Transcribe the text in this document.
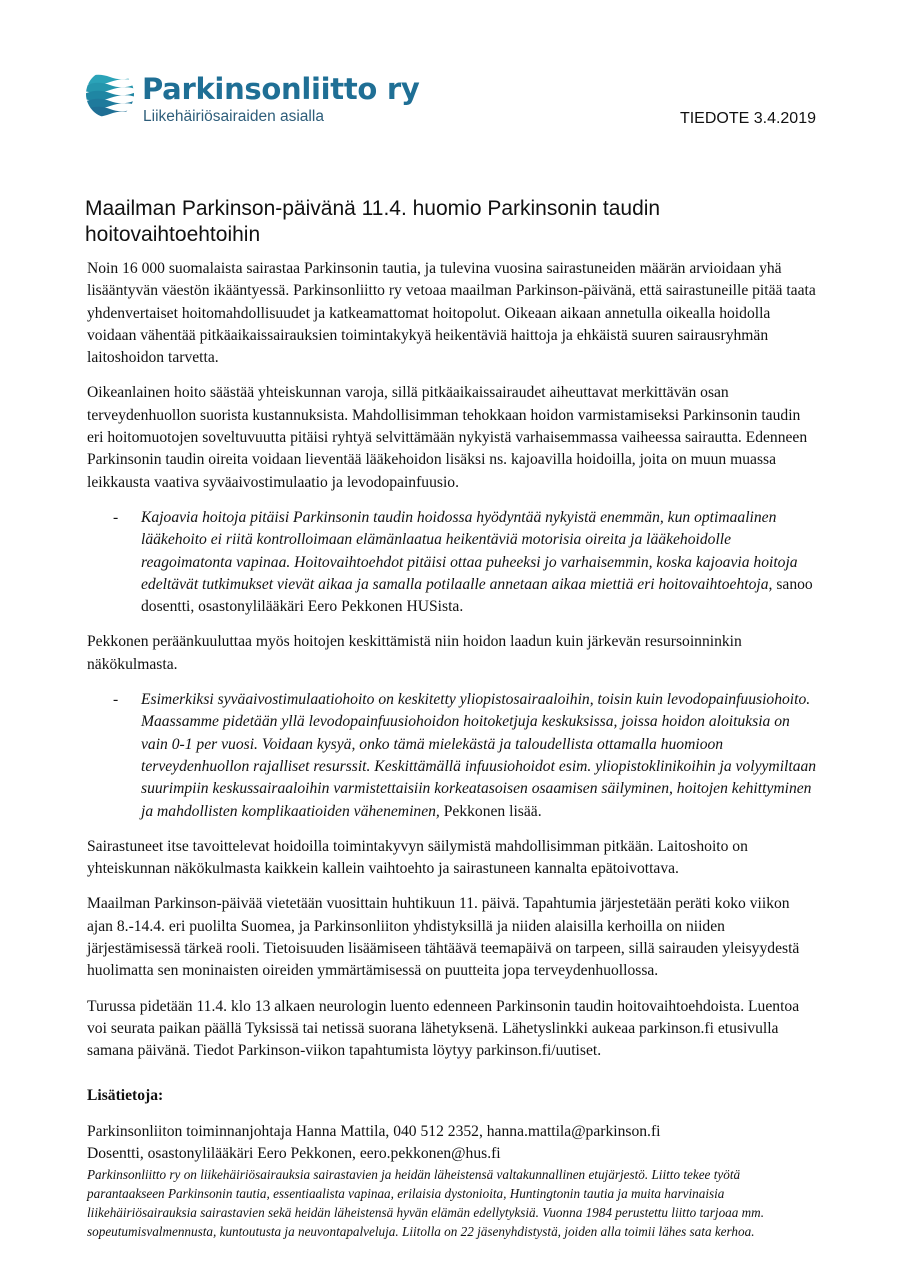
Parkinsonliitto ry
Liikehäiriösairaiden asialla	TIEDOTE 3.4.2019
Maailman Parkinson-päivänä 11.4. huomio Parkinsonin taudin hoitovaihtoehtoihin

Noin 16 000 suomalaista sairastaa Parkinsonin tautia, ja tulevina vuosina sairastuneiden määrän arvioidaan yhä lisääntyvän väestön ikääntyessä. Parkinsonliitto ry vetoaa maailman Parkinson-päivänä, että sairastuneille pitää taata yhdenvertaiset hoitomahdollisuudet ja katkeamattomat hoitopolut. Oikeaan aikaan annetulla oikealla hoidolla voidaan vähentää pitkäaikaissairauksien toimintakykyä heikentäviä haittoja ja ehkäistä suuren sairausryhmän laitoshoidon tarvetta.

Oikeanlainen hoito säästää yhteiskunnan varoja, sillä pitkäaikaissairaudet aiheuttavat merkittävän osan terveydenhuollon suorista kustannuksista. Mahdollisimman tehokkaan hoidon varmistamiseksi Parkinsonin taudin eri hoitomuotojen soveltuvuutta pitäisi ryhtyä selvittämään nykyistä varhaisemmassa vaiheessa sairautta. Edenneen Parkinsonin taudin oireita voidaan lieventää lääkehoidon lisäksi ns. kajoavilla hoidoilla, joita on muun muassa leikkausta vaativa syväaivostimulaatio ja levodopainfuusio.

- Kajoavia hoitoja pitäisi Parkinsonin taudin hoidossa hyödyntää nykyistä enemmän, kun optimaalinen lääkehoito ei riitä kontrolloimaan elämänlaatua heikentäviä motorisia oireita ja lääkehoidolle reagoimatonta vapinaa. Hoitovaihtoehdot pitäisi ottaa puheeksi jo varhaisemmin, koska kajoavia hoitoja edeltävät tutkimukset vievät aikaa ja samalla potilaalle annetaan aikaa miettiä eri hoitovaihtoehtoja, sanoo dosentti, osastonylilääkäri Eero Pekkonen HUSista.

Pekkonen peräänkuuluttaa myös hoitojen keskittämistä niin hoidon laadun kuin järkevän resursoinninkin näkökulmasta.

- Esimerkiksi syväaivostimulaatiohoito on keskitetty yliopistosairaaloihin, toisin kuin levodopainfuusiohoito. Maassamme pidetään yllä levodopainfuusiohoidon hoitoketjuja keskuksissa, joissa hoidon aloituksia on vain 0-1 per vuosi. Voidaan kysyä, onko tämä mielekästä ja taloudellista ottamalla huomioon terveydenhuollon rajalliset resurssit. Keskittämällä infuusiohoidot esim. yliopistoklinikoihin ja volyymiltaan suurimpiin keskussairaaloihin varmistettaisiin korkeatasoisen osaamisen säilyminen, hoitojen kehittyminen ja mahdollisten komplikaatioiden väheneminen, Pekkonen lisää.

Sairastuneet itse tavoittelevat hoidoilla toimintakyvyn säilymistä mahdollisimman pitkään. Laitoshoito on yhteiskunnan näkökulmasta kaikkein kallein vaihtoehto ja sairastuneen kannalta epätoivottava.

Maailman Parkinson-päivää vietetään vuosittain huhtikuun 11. päivä. Tapahtumia järjestetään peräti koko viikon ajan 8.-14.4. eri puolilta Suomea, ja Parkinsonliiton yhdistyksillä ja niiden alaisilla kerhoilla on niiden järjestämisessä tärkeä rooli. Tietoisuuden lisäämiseen tähtäävä teemapäivä on tarpeen, sillä sairauden yleisyydestä huolimatta sen moninaisten oireiden ymmärtämisessä on puutteita jopa terveydenhuollossa.

Turussa pidetään 11.4. klo 13 alkaen neurologin luento edenneen Parkinsonin taudin hoitovaihtoehdoista. Luentoa voi seurata paikan päällä Tyksissä tai netissä suorana lähetyksenä. Lähetyslinkki aukeaa parkinson.fi etusivulla samana päivänä. Tiedot Parkinson-viikon tapahtumista löytyy parkinson.fi/uutiset.

Lisätietoja:

Parkinsonliiton toiminnanjohtaja Hanna Mattila, 040 512 2352, hanna.mattila@parkinson.fi

Dosentti, osastonylilääkäri Eero Pekkonen, eero.pekkonen@hus.fi

Parkinsonliitto ry on liikehäiriösairauksia sairastavien ja heidän läheistensä valtakunnallinen etujärjestö. Liitto tekee työtä parantaakseen Parkinsonin tautia, essentiaalista vapinaa, erilaisia dystonioita, Huntingtonin tautia ja muita harvinaisia liikehäiriösairauksia sairastavien sekä heidän läheistensä hyvän elämän edellytyksiä. Vuonna 1984 perustettu liitto tarjoaa mm. sopeutumisvalmennusta, kuntoutusta ja neuvontapalveluja. Liitolla on 22 jäsenyhdistystä, joiden alla toimii lähes sata kerhoa.
